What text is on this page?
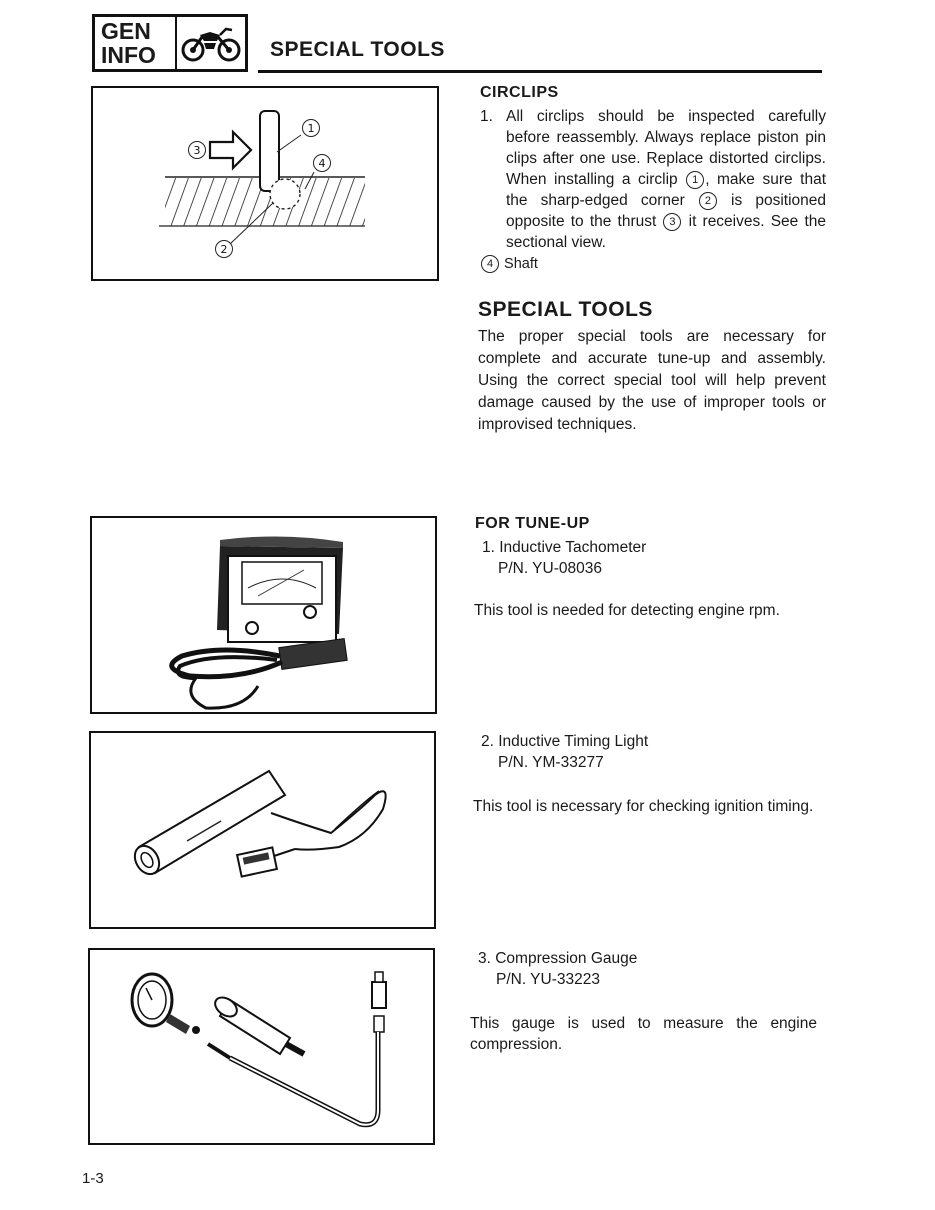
GEN
INFO	SPECIAL TOOLS
1
2
3
4
CIRCLIPS
1. All circlips should be inspected carefully before reassembly. Always replace piston pin clips after one use. Replace distorted circlips. When installing a circlip 1 , make sure that the sharp-edged corner 2 is positioned opposite to the thrust 3 it receives. See the sectional view.
4 Shaft
SPECIAL TOOLS
The proper special tools are necessary for complete and accurate tune-up and assembly. Using the correct special tool will help prevent damage caused by the use of improper tools or improvised techniques.
FOR TUNE-UP
1. Inductive Tachometer
P/N. YU-08036
This tool is needed for detecting engine rpm.
2. Inductive Timing Light
P/N. YM-33277
This tool is necessary for checking ignition timing.
3. Compression Gauge
P/N. YU-33223
This gauge is used to measure the engine compression.
1-3
